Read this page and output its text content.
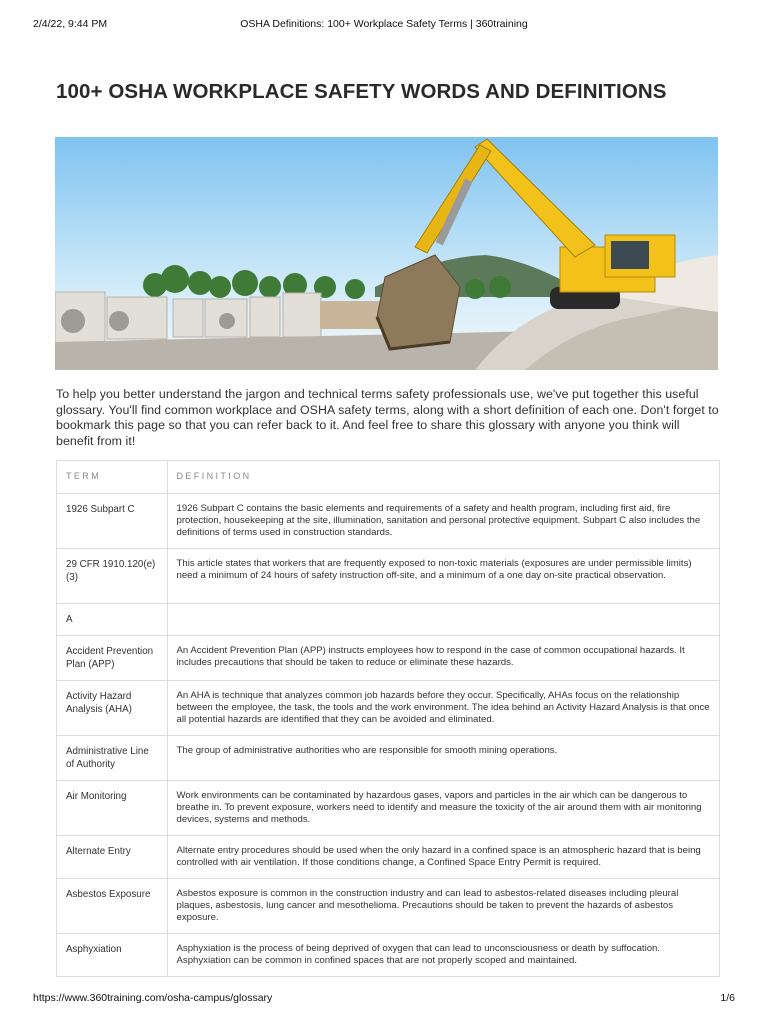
2/4/22, 9:44 PM	OSHA Definitions: 100+ Workplace Safety Terms | 360training
100+ OSHA WORKPLACE SAFETY WORDS AND DEFINITIONS

To help you better understand the jargon and technical terms safety professionals use, we've put together this useful glossary. You'll find common workplace and OSHA safety terms, along with a short definition of each one. Don't forget to bookmark this page so that you can refer back to it. And feel free to share this glossary with anyone you think will benefit from it!

TERM	DEFINITION
1926 Subpart C	1926 Subpart C contains the basic elements and requirements of a safety and health program, including first aid, fire protection, housekeeping at the site, illumination, sanitation and personal protective equipment. Subpart C also includes the definitions of terms used in construction standards.
29 CFR 1910.120(e)(3)	This article states that workers that are frequently exposed to non-toxic materials (exposures are under permissible limits) need a minimum of 24 hours of safety instruction off-site, and a minimum of a one day on-site practical observation.
A	
Accident Prevention Plan (APP)	An Accident Prevention Plan (APP) instructs employees how to respond in the case of common occupational hazards. It includes precautions that should be taken to reduce or eliminate these hazards.
Activity Hazard Analysis (AHA)	An AHA is technique that analyzes common job hazards before they occur. Specifically, AHAs focus on the relationship between the employee, the task, the tools and the work environment. The idea behind an Activity Hazard Analysis is that once all potential hazards are identified that they can be avoided and eliminated.
Administrative Line of Authority	The group of administrative authorities who are responsible for smooth mining operations.
Air Monitoring	Work environments can be contaminated by hazardous gases, vapors and particles in the air which can be dangerous to breathe in. To prevent exposure, workers need to identify and measure the toxicity of the air around them with air monitoring devices, systems and methods.
Alternate Entry	Alternate entry procedures should be used when the only hazard in a confined space is an atmospheric hazard that is being controlled with air ventilation. If those conditions change, a Confined Space Entry Permit is required.
Asbestos Exposure	Asbestos exposure is common in the construction industry and can lead to asbestos-related diseases including pleural plaques, asbestosis, lung cancer and mesothelioma. Precautions should be taken to prevent the hazards of asbestos exposure.
Asphyxiation	Asphyxiation is the process of being deprived of oxygen that can lead to unconsciousness or death by suffocation. Asphyxiation can be common in confined spaces that are not properly scoped and maintained.
https://www.360training.com/osha-campus/glossary	1/6
